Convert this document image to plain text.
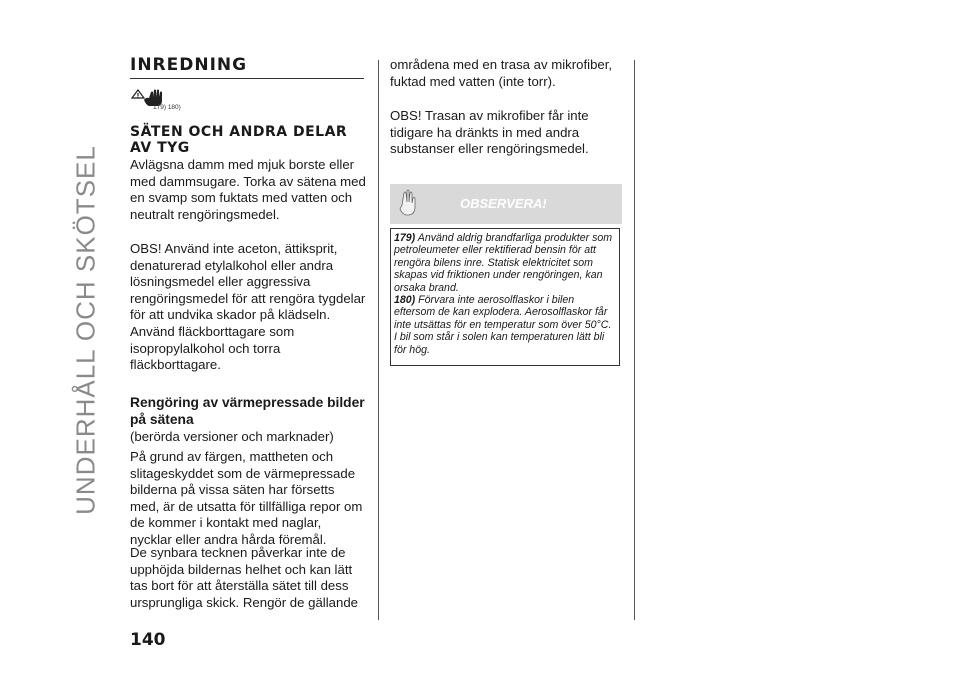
UNDERHÅLL OCH SKÖTSEL
INREDNING
179) 180)
SÄTEN OCH ANDRA DELAR AV TYG

Avlägsna damm med mjuk borste eller med dammsugare. Torka av sätena med en svamp som fuktats med vatten och neutralt rengöringsmedel.

OBS! Använd inte aceton, ättiksprit, denaturerad etylalkohol eller andra lösningsmedel eller aggressiva rengöringsmedel för att rengöra tygdelar för att undvika skador på klädseln. Använd fläckborttagare som isopropylalkohol och torra fläckborttagare.

Rengöring av värmepressade bilder på sätena

(berörda versioner och marknader)

På grund av färgen, mattheten och slitageskyddet som de värmepressade bilderna på vissa säten har försetts med, är de utsatta för tillfälliga repor om de kommer i kontakt med naglar, nycklar eller andra hårda föremål.

De synbara tecknen påverkar inte de upphöjda bildernas helhet och kan lätt tas bort för att återställa sätet till dess ursprungliga skick. Rengör de gällande

områdena med en trasa av mikrofiber, fuktad med vatten (inte torr).

OBS! Trasan av mikrofiber får inte tidigare ha dränkts in med andra substanser eller rengöringsmedel.

OBSERVERA!

179) Använd aldrig brandfarliga produkter som petroleumeter eller rektifierad bensin för att rengöra bilens inre. Statisk elektricitet som skapas vid friktionen under rengöringen, kan orsaka brand.

180) Förvara inte aerosolflaskor i bilen eftersom de kan explodera. Aerosolflaskor får inte utsättas för en temperatur som över 50°C. I bil som står i solen kan temperaturen lätt bli för hög.

140
